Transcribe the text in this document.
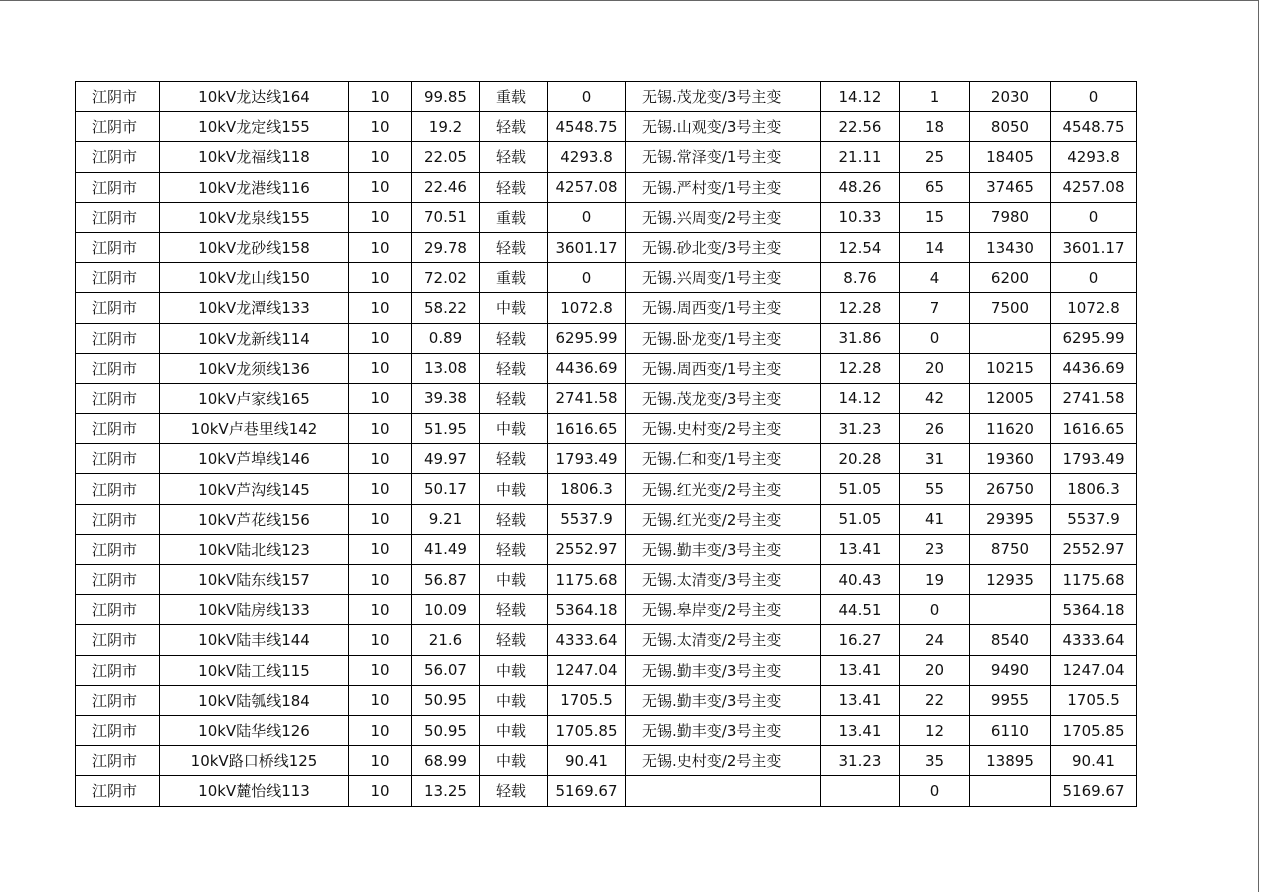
江阴市	10kV龙达线164	10	99.85	重载	0	无锡.茂龙变/3号主变	14.12	1	2030	0
江阴市	10kV龙定线155	10	19.2	轻载	4548.75	无锡.山观变/3号主变	22.56	18	8050	4548.75
江阴市	10kV龙福线118	10	22.05	轻载	4293.8	无锡.常泽变/1号主变	21.11	25	18405	4293.8
江阴市	10kV龙港线116	10	22.46	轻载	4257.08	无锡.严村变/1号主变	48.26	65	37465	4257.08
江阴市	10kV龙泉线155	10	70.51	重载	0	无锡.兴周变/2号主变	10.33	15	7980	0
江阴市	10kV龙砂线158	10	29.78	轻载	3601.17	无锡.砂北变/3号主变	12.54	14	13430	3601.17
江阴市	10kV龙山线150	10	72.02	重载	0	无锡.兴周变/1号主变	8.76	4	6200	0
江阴市	10kV龙潭线133	10	58.22	中载	1072.8	无锡.周西变/1号主变	12.28	7	7500	1072.8
江阴市	10kV龙新线114	10	0.89	轻载	6295.99	无锡.卧龙变/1号主变	31.86	0		6295.99
江阴市	10kV龙须线136	10	13.08	轻载	4436.69	无锡.周西变/1号主变	12.28	20	10215	4436.69
江阴市	10kV卢家线165	10	39.38	轻载	2741.58	无锡.茂龙变/3号主变	14.12	42	12005	2741.58
江阴市	10kV卢巷里线142	10	51.95	中载	1616.65	无锡.史村变/2号主变	31.23	26	11620	1616.65
江阴市	10kV芦埠线146	10	49.97	轻载	1793.49	无锡.仁和变/1号主变	20.28	31	19360	1793.49
江阴市	10kV芦沟线145	10	50.17	中载	1806.3	无锡.红光变/2号主变	51.05	55	26750	1806.3
江阴市	10kV芦花线156	10	9.21	轻载	5537.9	无锡.红光变/2号主变	51.05	41	29395	5537.9
江阴市	10kV陆北线123	10	41.49	轻载	2552.97	无锡.勤丰变/3号主变	13.41	23	8750	2552.97
江阴市	10kV陆东线157	10	56.87	中载	1175.68	无锡.太清变/3号主变	40.43	19	12935	1175.68
江阴市	10kV陆房线133	10	10.09	轻载	5364.18	无锡.皋岸变/2号主变	44.51	0		5364.18
江阴市	10kV陆丰线144	10	21.6	轻载	4333.64	无锡.太清变/2号主变	16.27	24	8540	4333.64
江阴市	10kV陆工线115	10	56.07	中载	1247.04	无锡.勤丰变/3号主变	13.41	20	9490	1247.04
江阴市	10kV陆瓠线184	10	50.95	中载	1705.5	无锡.勤丰变/3号主变	13.41	22	9955	1705.5
江阴市	10kV陆华线126	10	50.95	中载	1705.85	无锡.勤丰变/3号主变	13.41	12	6110	1705.85
江阴市	10kV路口桥线125	10	68.99	中载	90.41	无锡.史村变/2号主变	31.23	35	13895	90.41
江阴市	10kV麓怡线113	10	13.25	轻载	5169.67			0		5169.67
